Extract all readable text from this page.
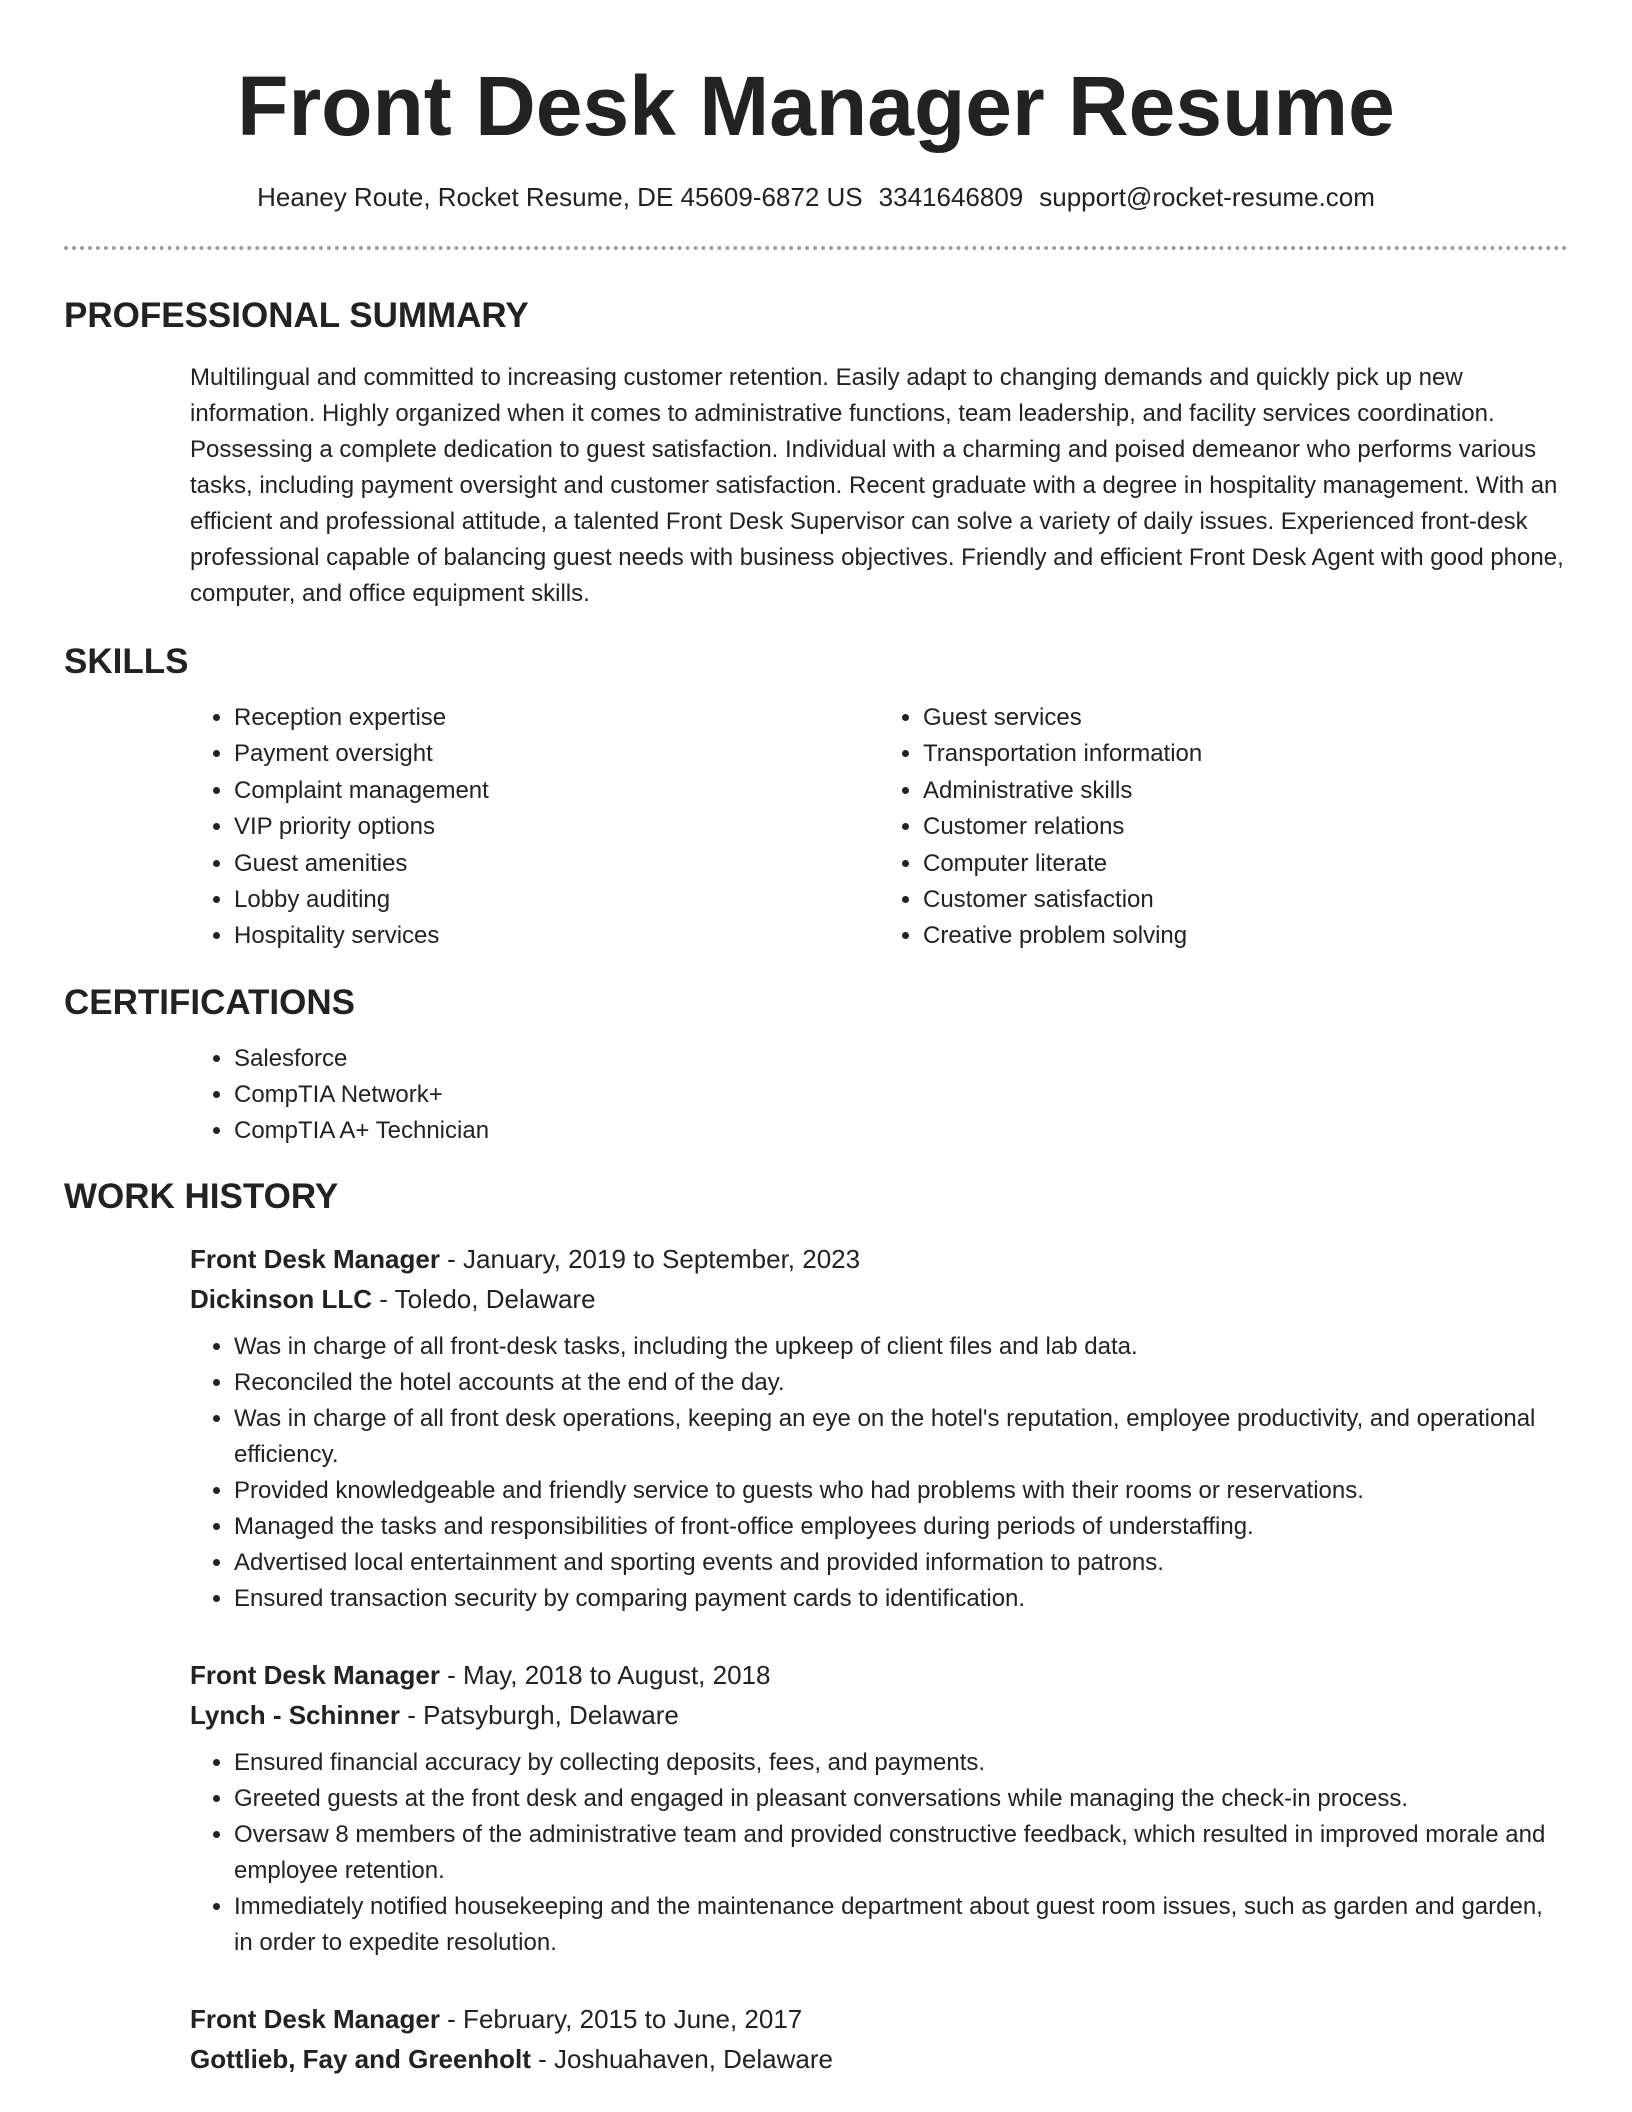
Front Desk Manager Resume
Heaney Route, Rocket Resume, DE 45609-6872 US 3341646809 support@rocket-resume.com
PROFESSIONAL SUMMARY
Multilingual and committed to increasing customer retention. Easily adapt to changing demands and quickly pick up new information. Highly organized when it comes to administrative functions, team leadership, and facility services coordination. Possessing a complete dedication to guest satisfaction. Individual with a charming and poised demeanor who performs various tasks, including payment oversight and customer satisfaction. Recent graduate with a degree in hospitality management. With an efficient and professional attitude, a talented Front Desk Supervisor can solve a variety of daily issues. Experienced front-desk professional capable of balancing guest needs with business objectives. Friendly and efficient Front Desk Agent with good phone, computer, and office equipment skills.
SKILLS
• Reception expertise
• Payment oversight
• Complaint management
• VIP priority options
• Guest amenities
• Lobby auditing
• Hospitality services
• Guest services
• Transportation information
• Administrative skills
• Customer relations
• Computer literate
• Customer satisfaction
• Creative problem solving
CERTIFICATIONS
• Salesforce
• CompTIA Network+
• CompTIA A+ Technician
WORK HISTORY
Front Desk Manager - January, 2019 to September, 2023
Dickinson LLC - Toledo, Delaware
• Was in charge of all front-desk tasks, including the upkeep of client files and lab data.
• Reconciled the hotel accounts at the end of the day.
• Was in charge of all front desk operations, keeping an eye on the hotel's reputation, employee productivity, and operational efficiency.
• Provided knowledgeable and friendly service to guests who had problems with their rooms or reservations.
• Managed the tasks and responsibilities of front-office employees during periods of understaffing.
• Advertised local entertainment and sporting events and provided information to patrons.
• Ensured transaction security by comparing payment cards to identification.
Front Desk Manager - May, 2018 to August, 2018
Lynch - Schinner - Patsyburgh, Delaware
• Ensured financial accuracy by collecting deposits, fees, and payments.
• Greeted guests at the front desk and engaged in pleasant conversations while managing the check-in process.
• Oversaw 8 members of the administrative team and provided constructive feedback, which resulted in improved morale and employee retention.
• Immediately notified housekeeping and the maintenance department about guest room issues, such as garden and garden, in order to expedite resolution.
Front Desk Manager - February, 2015 to June, 2017
Gottlieb, Fay and Greenholt - Joshuahaven, Delaware
